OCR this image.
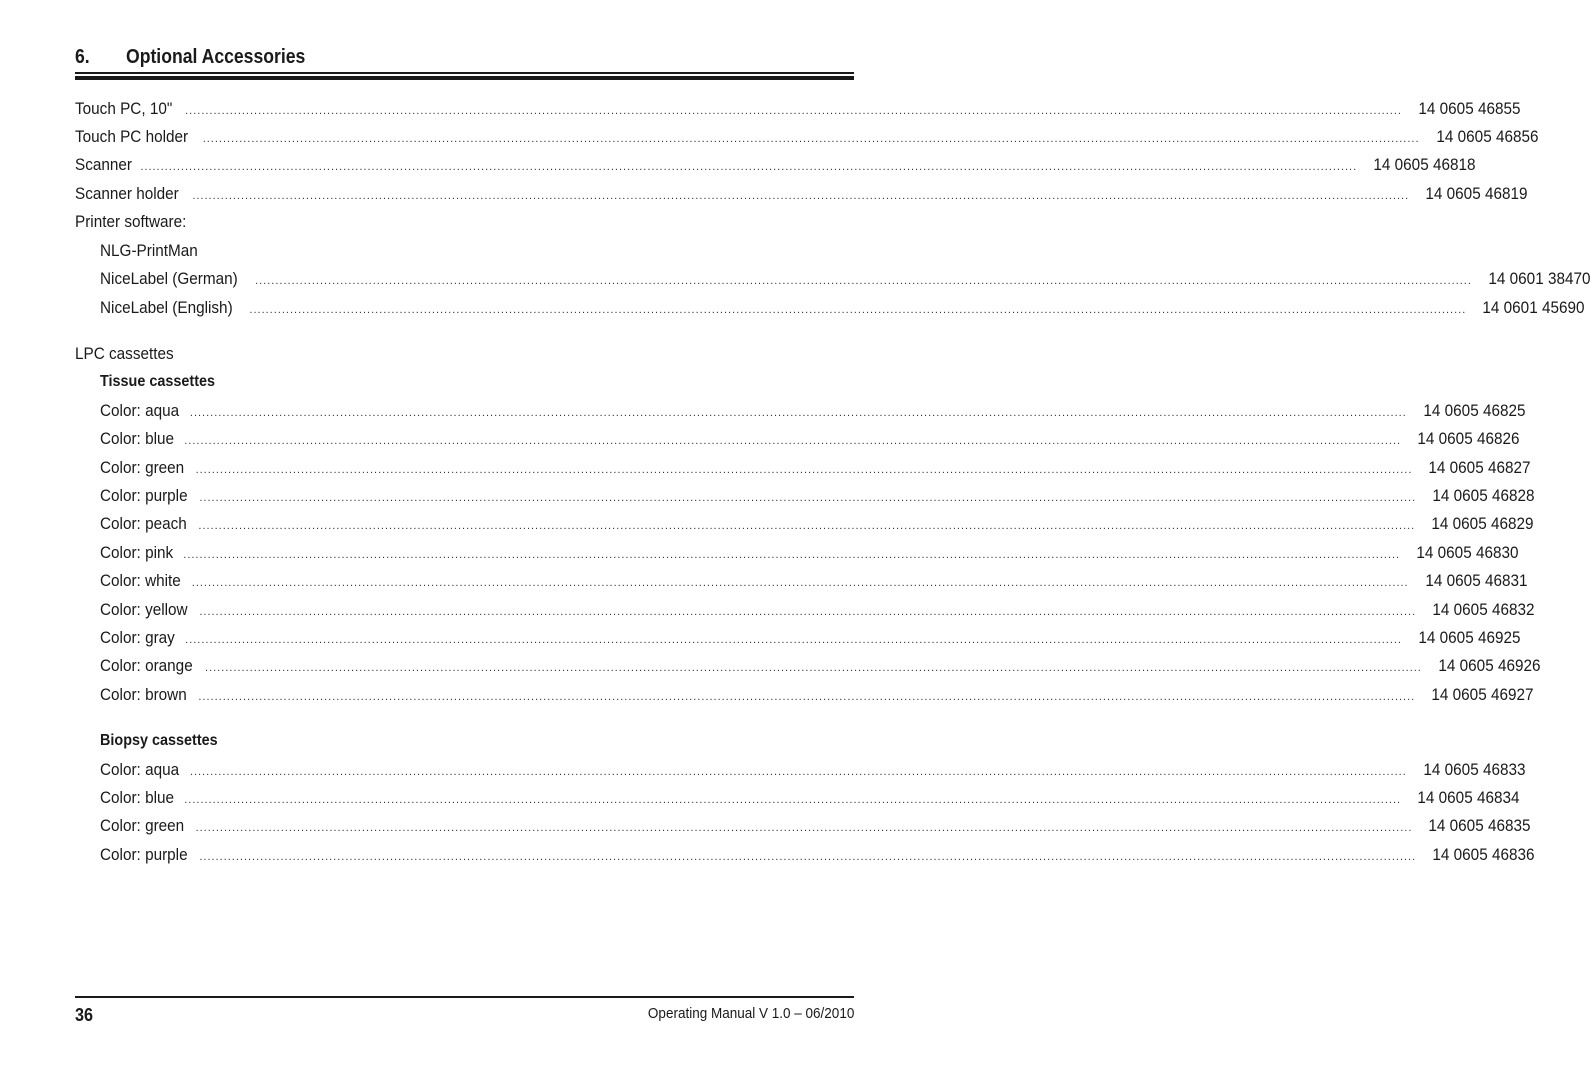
6. Optional Accessories
Touch PC, 10" ............................................................................................................................................................................................................................................................................................................ 14 0605 46855
Touch PC holder ............................................................................................................................................................................................................................................................................................................ 14 0605 46856
Scanner ............................................................................................................................................................................................................................................................................................................ 14 0605 46818
Scanner holder ............................................................................................................................................................................................................................................................................................................ 14 0605 46819
Printer software:
NLG-PrintMan
NiceLabel (German) ............................................................................................................................................................................................................................................................................................................ 14 0601 38470
NiceLabel (English) ............................................................................................................................................................................................................................................................................................................ 14 0601 45690
LPC cassettes
Tissue cassettes
Color: aqua ............................................................................................................................................................................................................................................................................................................ 14 0605 46825
Color: blue ............................................................................................................................................................................................................................................................................................................ 14 0605 46826
Color: green ............................................................................................................................................................................................................................................................................................................ 14 0605 46827
Color: purple ............................................................................................................................................................................................................................................................................................................ 14 0605 46828
Color: peach ............................................................................................................................................................................................................................................................................................................ 14 0605 46829
Color: pink ............................................................................................................................................................................................................................................................................................................ 14 0605 46830
Color: white ............................................................................................................................................................................................................................................................................................................ 14 0605 46831
Color: yellow ............................................................................................................................................................................................................................................................................................................ 14 0605 46832
Color: gray ............................................................................................................................................................................................................................................................................................................ 14 0605 46925
Color: orange ............................................................................................................................................................................................................................................................................................................ 14 0605 46926
Color: brown ............................................................................................................................................................................................................................................................................................................ 14 0605 46927
Biopsy cassettes
Color: aqua ............................................................................................................................................................................................................................................................................................................ 14 0605 46833
Color: blue ............................................................................................................................................................................................................................................................................................................ 14 0605 46834
Color: green ............................................................................................................................................................................................................................................................................................................ 14 0605 46835
Color: purple ............................................................................................................................................................................................................................................................................................................ 14 0605 46836
36	Operating Manual V 1.0 – 06/2010
